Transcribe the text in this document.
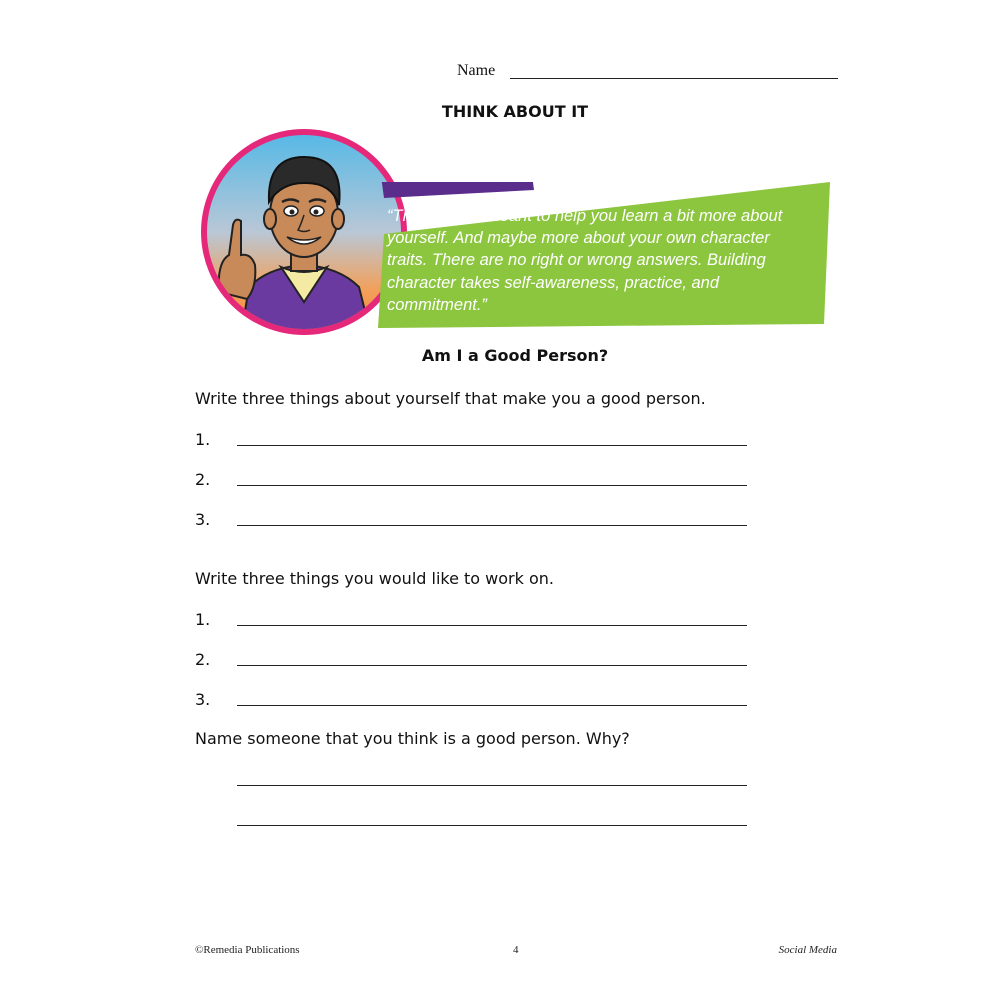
Name
THINK ABOUT IT
Carlos says:
“This page is meant to help you learn a bit more about yourself. And maybe more about your own character traits. There are no right or wrong answers. Building character takes self-awareness, practice, and commitment.”
Am I a Good Person?
Write three things about yourself that make you a good person.
1.
2.
3.
Write three things you would like to work on.
1.
2.
3.
Name someone that you think is a good person. Why?
©Remedia Publications	4	Social Media
